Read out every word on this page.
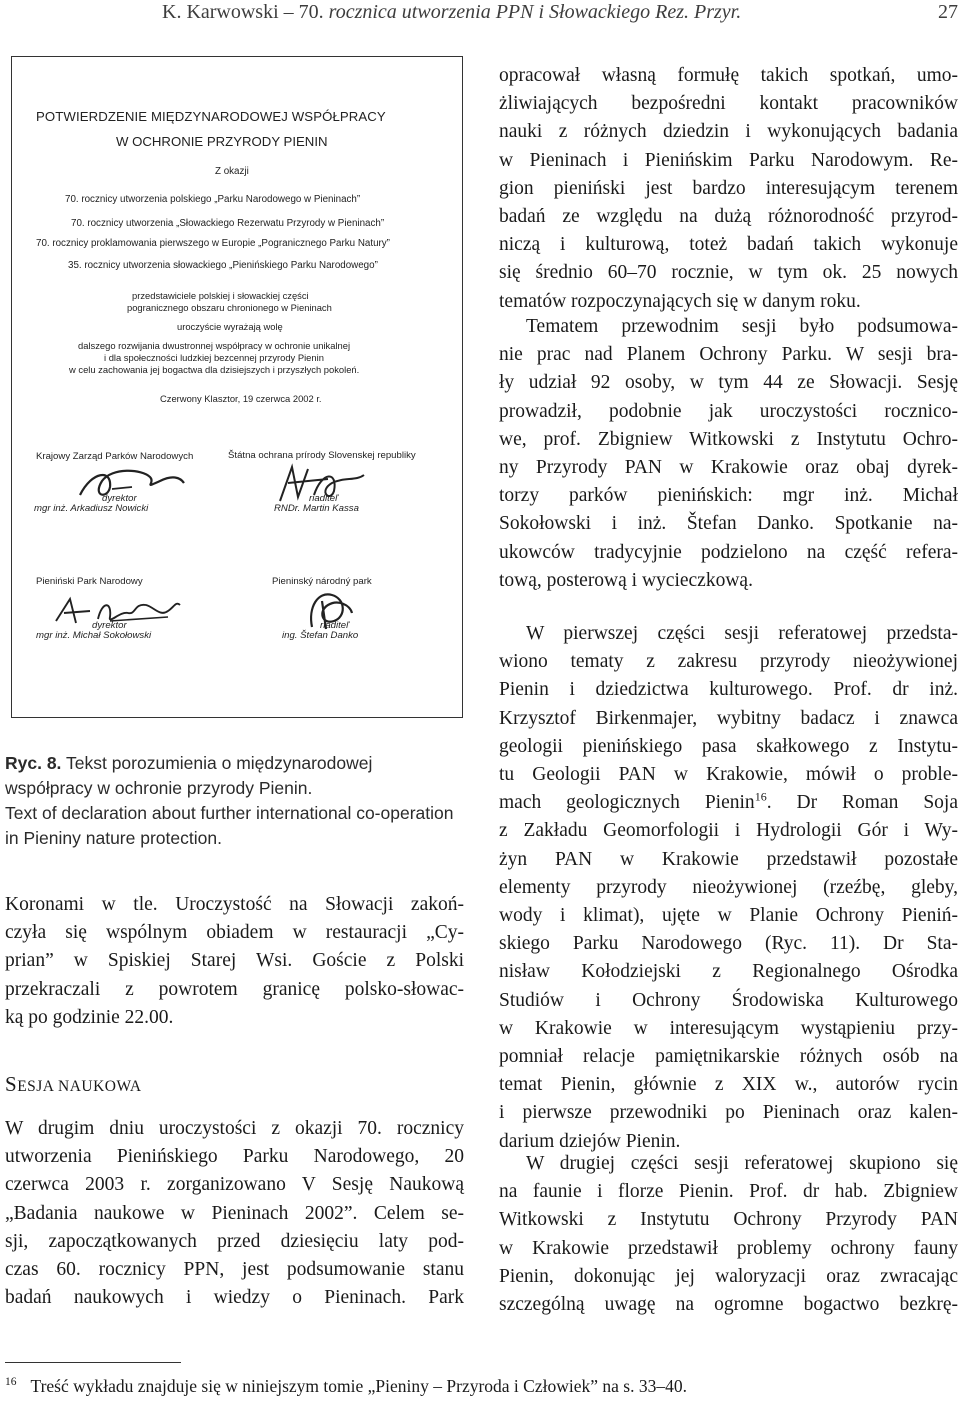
K. Karwowski – 70. rocznica utworzenia PPN i Słowackiego Rez. Przyr.	27
POTWIERDZENIE MIĘDZYNARODOWEJ WSPÓŁPRACY
W OCHRONIE PRZYRODY PIENIN
Z okazji
70. rocznicy utworzenia polskiego „Parku Narodowego w Pieninach”
70. rocznicy utworzenia „Słowackiego Rezerwatu Przyrody w Pieninach”
70. rocznicy proklamowania pierwszego w Europie „Pogranicznego Parku Natury”
35. rocznicy utworzenia słowackiego „Pienińskiego Parku Narodowego”
przedstawiciele polskiej i słowackiej części
pogranicznego obszaru chronionego w Pieninach
uroczyście wyrażają wolę
dalszego rozwijania dwustronnej współpracy w ochronie unikalnej
i dla społeczności ludzkiej bezcennej przyrody Pienin
w celu zachowania jej bogactwa dla dzisiejszych i przyszłych pokoleń.
Czerwony Klasztor, 19 czerwca 2002 r.
Krajowy Zarząd Parków Narodowych
dyrektor
mgr inż. Arkadiusz Nowicki
Štátna ochrana prírody Slovenskej republiky
riaditeľ
RNDr. Martin Kassa
Pieniński Park Narodowy
dyrektor
mgr inż. Michał Sokołowski
Pieninský národný park
riaditeľ
ing. Štefan Danko
Ryc. 8. Tekst porozumienia o międzynarodowej współpracy w ochronie przyrody Pienin.
Text of declaration about further international co-operation in Pieniny nature protection.
Koronami w tle. Uroczystość na Słowacji zakoń-
czyła się wspólnym obiadem w restauracji „Cy-
prian” w Spiskiej Starej Wsi. Goście z Polski
przekraczali z powrotem granicę polsko-słowac-
ką po godzinie 22.00.
SESJA NAUKOWA
W drugim dniu uroczystości z okazji 70. rocznicy
utworzenia Pienińskiego Parku Narodowego, 20
czerwca 2003 r. zorganizowano V Sesję Naukową
„Badania naukowe w Pieninach 2002”. Celem se-
sji, zapoczątkowanych przed dziesięciu laty pod-
czas 60. rocznicy PPN, jest podsumowanie stanu
badań naukowych i wiedzy o Pieninach. Park
opracował własną formułę takich spotkań, umo-
żliwiających bezpośredni kontakt pracowników
nauki z różnych dziedzin i wykonujących badania
w Pieninach i Pienińskim Parku Narodowym. Re-
gion pieniński jest bardzo interesującym terenem
badań ze względu na dużą różnorodność przyrod-
niczą i kulturową, toteż badań takich wykonuje
się średnio 60–70 rocznie, w tym ok. 25 nowych
tematów rozpoczynających się w danym roku.
Tematem przewodnim sesji było podsumowa-
nie prac nad Planem Ochrony Parku. W sesji bra-
ły udział 92 osoby, w tym 44 ze Słowacji. Sesję
prowadził, podobnie jak uroczystości rocznico-
we, prof. Zbigniew Witkowski z Instytutu Ochro-
ny Przyrody PAN w Krakowie oraz obaj dyrek-
torzy parków pienińskich: mgr inż. Michał
Sokołowski i inż. Štefan Danko. Spotkanie na-
ukowców tradycyjnie podzielono na część refera-
tową, posterową i wycieczkową.
W pierwszej części sesji referatowej przedsta-
wiono tematy z zakresu przyrody nieożywionej
Pienin i dziedzictwa kulturowego. Prof. dr inż.
Krzysztof Birkenmajer, wybitny badacz i znawca
geologii pienińskiego pasa skałkowego z Instytu-
tu Geologii PAN w Krakowie, mówił o proble-
mach geologicznych Pienin$^{16}$. Dr Roman Soja
z Zakładu Geomorfologii i Hydrologii Gór i Wy-
żyn PAN w Krakowie przedstawił pozostałe
elementy przyrody nieożywionej (rzeźbę, gleby,
wody i klimat), ujęte w Planie Ochrony Pieniń-
skiego Parku Narodowego (Ryc. 11). Dr Sta-
nisław Kołodziejski z Regionalnego Ośrodka
Studiów i Ochrony Środowiska Kulturowego
w Krakowie w interesującym wystąpieniu przy-
pomniał relacje pamiętnikarskie różnych osób na
temat Pienin, głównie z XIX w., autorów rycin
i pierwsze przewodniki po Pieninach oraz kalen-
darium dziejów Pienin.
W drugiej części sesji referatowej skupiono się
na faunie i florze Pienin. Prof. dr hab. Zbigniew
Witkowski z Instytutu Ochrony Przyrody PAN
w Krakowie przedstawił problemy ochrony fauny
Pienin, dokonując jej waloryzacji oraz zwracając
szczególną uwagę na ogromne bogactwo bezkrę-
$^{16}$ Treść wykładu znajduje się w niniejszym tomie „Pieniny – Przyroda i Człowiek” na s. 33–40.
